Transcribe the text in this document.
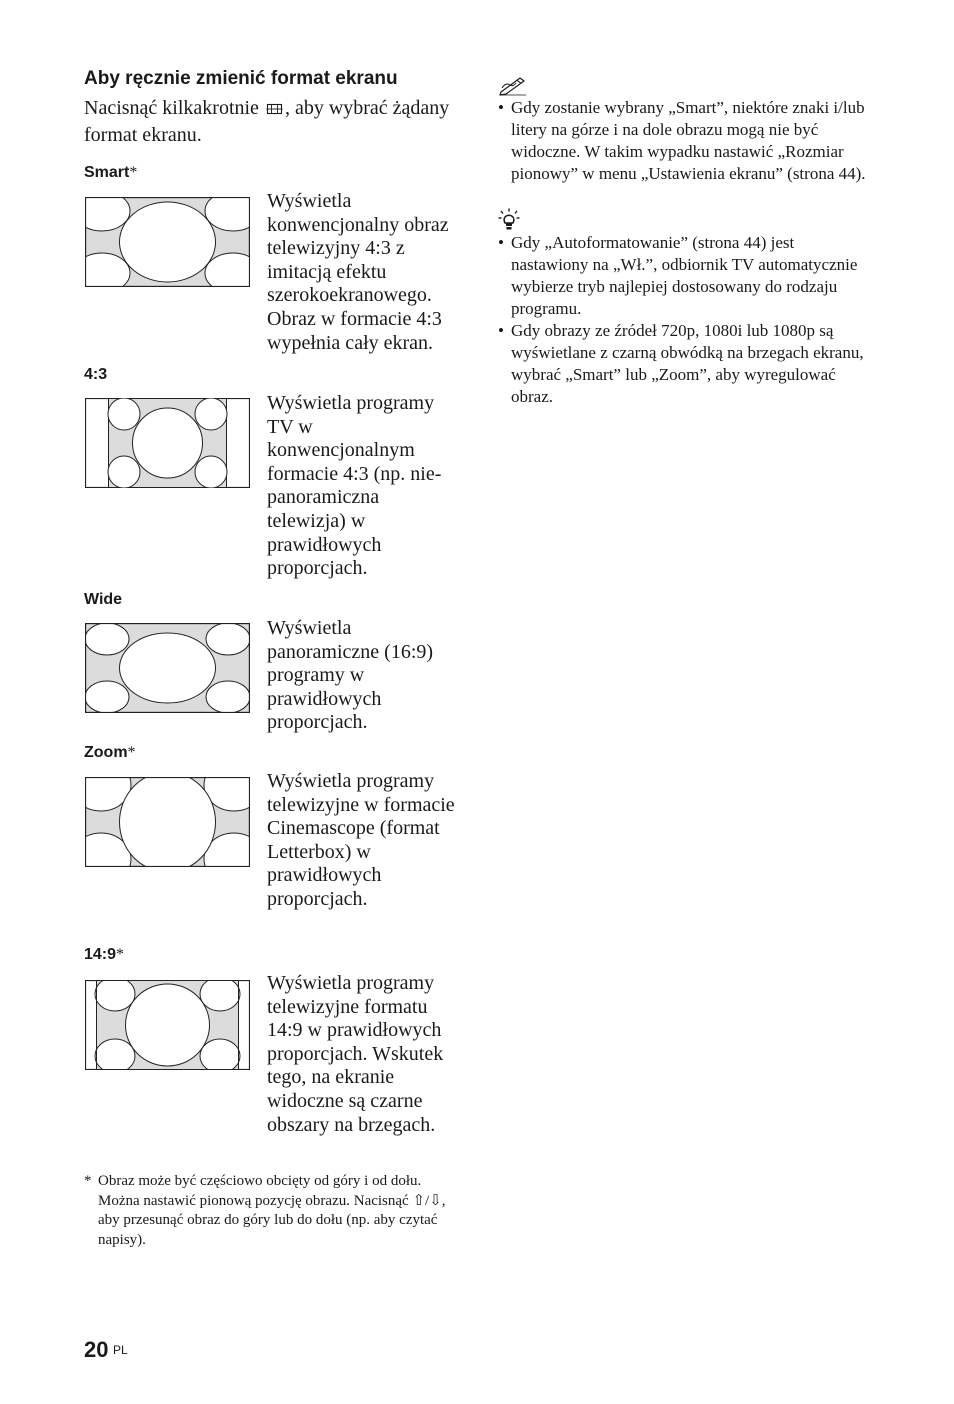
Aby ręcznie zmienić format ekranu
Nacisnąć kilkakrotnie , aby wybrać żądany format ekranu.
Smart*
Wyświetla konwencjonalny obraz telewizyjny 4:3 z imitacją efektu szerokoekranowego. Obraz w formacie 4:3 wypełnia cały ekran.
4:3
Wyświetla programy TV w konwencjonalnym formacie 4:3 (np. nie-panoramiczna telewizja) w prawidłowych proporcjach.
Wide
Wyświetla panoramiczne (16:9) programy w prawidłowych proporcjach.
Zoom*
Wyświetla programy telewizyjne w formacie Cinemascope (format Letterbox) w prawidłowych proporcjach.
14:9*
Wyświetla programy telewizyjne formatu 14:9 w prawidłowych proporcjach. Wskutek tego, na ekranie widoczne są czarne obszary na brzegach.
* Obraz może być częściowo obcięty od góry i od dołu. Można nastawić pionową pozycję obrazu. Nacisnąć ⇧/⇩, aby przesunąć obraz do góry lub do dołu (np. aby czytać napisy).
• Gdy zostanie wybrany „Smart”, niektóre znaki i/lub litery na górze i na dole obrazu mogą nie być widoczne. W takim wypadku nastawić „Rozmiar pionowy” w menu „Ustawienia ekranu” (strona 44).
• Gdy „Autoformatowanie” (strona 44) jest nastawiony na „Wł.”, odbiornik TV automatycznie wybierze tryb najlepiej dostosowany do rodzaju programu.
• Gdy obrazy ze źródeł 720p, 1080i lub 1080p są wyświetlane z czarną obwódką na brzegach ekranu, wybrać „Smart” lub „Zoom”, aby wyregulować obraz.
20 PL
